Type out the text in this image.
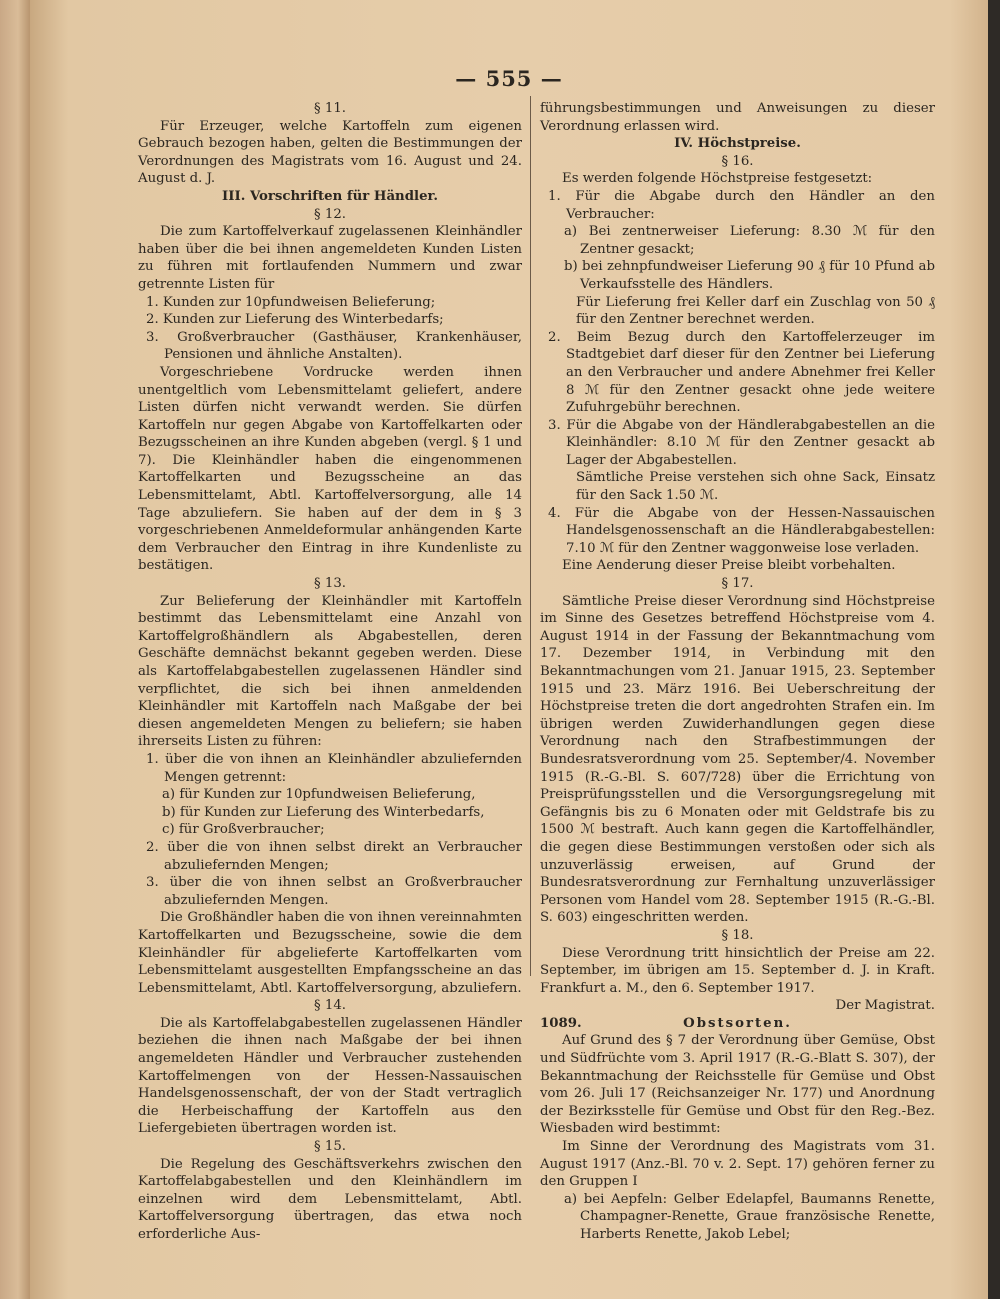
— 555 —

§ 11.

Für Erzeuger, welche Kartoffeln zum eigenen Gebrauch bezogen haben, gelten die Bestimmungen der Verordnungen des Magistrats vom 16. August und 24. August d. J.

III. Vorschriften für Händler.

§ 12.

Die zum Kartoffelverkauf zugelassenen Kleinhändler haben über die bei ihnen angemeldeten Kunden Listen zu führen mit fortlaufenden Nummern und zwar getrennte Listen für

1. Kunden zur 10pfundweisen Belieferung;

2. Kunden zur Lieferung des Winterbedarfs;

3. Großverbraucher (Gasthäuser, Krankenhäuser, Pensionen und ähnliche Anstalten).

Vorgeschriebene Vordrucke werden ihnen unentgeltlich vom Lebensmittelamt geliefert, andere Listen dürfen nicht verwandt werden. Sie dürfen Kartoffeln nur gegen Abgabe von Kartoffelkarten oder Bezugsscheinen an ihre Kunden abgeben (vergl. § 1 und 7). Die Kleinhändler haben die eingenommenen Kartoffelkarten und Bezugsscheine an das Lebensmittelamt, Abtl. Kartoffelversorgung, alle 14 Tage abzuliefern. Sie haben auf der dem in § 3 vorgeschriebenen Anmeldeformular anhängenden Karte dem Verbraucher den Eintrag in ihre Kundenliste zu bestätigen.

§ 13.

Zur Belieferung der Kleinhändler mit Kartoffeln bestimmt das Lebensmittelamt eine Anzahl von Kartoffelgroßhändlern als Abgabestellen, deren Geschäfte demnächst bekannt gegeben werden. Diese als Kartoffelabgabestellen zugelassenen Händler sind verpflichtet, die sich bei ihnen anmeldenden Kleinhändler mit Kartoffeln nach Maßgabe der bei diesen angemeldeten Mengen zu beliefern; sie haben ihrerseits Listen zu führen:

1. über die von ihnen an Kleinhändler abzuliefernden Mengen getrennt:

a) für Kunden zur 10pfundweisen Belieferung,

b) für Kunden zur Lieferung des Winterbedarfs,

c) für Großverbraucher;

2. über die von ihnen selbst direkt an Verbraucher abzuliefernden Mengen;

3. über die von ihnen selbst an Großverbraucher abzuliefernden Mengen.

Die Großhändler haben die von ihnen vereinnahmten Kartoffelkarten und Bezugsscheine, sowie die dem Kleinhändler für abgelieferte Kartoffelkarten vom Lebensmittelamt ausgestellten Empfangsscheine an das Lebensmittelamt, Abtl. Kartoffelversorgung, abzuliefern.

§ 14.

Die als Kartoffelabgabestellen zugelassenen Händler beziehen die ihnen nach Maßgabe der bei ihnen angemeldeten Händler und Verbraucher zustehenden Kartoffelmengen von der Hessen-Nassauischen Handelsgenossenschaft, der von der Stadt vertraglich die Herbeischaffung der Kartoffeln aus den Liefergebieten übertragen worden ist.

§ 15.

Die Regelung des Geschäftsverkehrs zwischen den Kartoffelabgabestellen und den Kleinhändlern im einzelnen wird dem Lebensmittelamt, Abtl. Kartoffelversorgung übertragen, das etwa noch erforderliche Aus-

führungsbestimmungen und Anweisungen zu dieser Verordnung erlassen wird.

IV. Höchstpreise.

§ 16.

Es werden folgende Höchstpreise festgesetzt:

1. Für die Abgabe durch den Händler an den Verbraucher:

a) Bei zentnerweiser Lieferung: 8.30 ℳ für den Zentner gesackt;

b) bei zehnpfundweiser Lieferung 90 ₰ für 10 Pfund ab Verkaufsstelle des Händlers.

Für Lieferung frei Keller darf ein Zuschlag von 50 ₰ für den Zentner berechnet werden.

2. Beim Bezug durch den Kartoffelerzeuger im Stadtgebiet darf dieser für den Zentner bei Lieferung an den Verbraucher und andere Abnehmer frei Keller 8 ℳ für den Zentner gesackt ohne jede weitere Zufuhrgebühr berechnen.

3. Für die Abgabe von der Händlerabgabestellen an die Kleinhändler: 8.10 ℳ für den Zentner gesackt ab Lager der Abgabestellen.

Sämtliche Preise verstehen sich ohne Sack, Einsatz für den Sack 1.50 ℳ.

4. Für die Abgabe von der Hessen-Nassauischen Handelsgenossenschaft an die Händlerabgabestellen: 7.10 ℳ für den Zentner waggonweise lose verladen.

Eine Aenderung dieser Preise bleibt vorbehalten.

§ 17.

Sämtliche Preise dieser Verordnung sind Höchstpreise im Sinne des Gesetzes betreffend Höchstpreise vom 4. August 1914 in der Fassung der Bekanntmachung vom 17. Dezember 1914, in Verbindung mit den Bekanntmachungen vom 21. Januar 1915, 23. September 1915 und 23. März 1916. Bei Ueberschreitung der Höchstpreise treten die dort angedrohten Strafen ein. Im übrigen werden Zuwiderhandlungen gegen diese Verordnung nach den Strafbestimmungen der Bundesratsverordnung vom 25. September/4. November 1915 (R.-G.-Bl. S. 607/728) über die Errichtung von Preisprüfungsstellen und die Versorgungsregelung mit Gefängnis bis zu 6 Monaten oder mit Geldstrafe bis zu 1500 ℳ bestraft. Auch kann gegen die Kartoffelhändler, die gegen diese Bestimmungen verstoßen oder sich als unzuverlässig erweisen, auf Grund der Bundesratsverordnung zur Fernhaltung unzuverlässiger Personen vom Handel vom 28. September 1915 (R.-G.-Bl. S. 603) eingeschritten werden.

§ 18.

Diese Verordnung tritt hinsichtlich der Preise am 22. September, im übrigen am 15. September d. J. in Kraft. Frankfurt a. M., den 6. September 1917.

Der Magistrat.

1089.	Obstsorten.

Auf Grund des § 7 der Verordnung über Gemüse, Obst und Südfrüchte vom 3. April 1917 (R.-G.-Blatt S. 307), der Bekanntmachung der Reichsstelle für Gemüse und Obst vom 26. Juli 17 (Reichsanzeiger Nr. 177) und Anordnung der Bezirksstelle für Gemüse und Obst für den Reg.-Bez. Wiesbaden wird bestimmt:

Im Sinne der Verordnung des Magistrats vom 31. August 1917 (Anz.-Bl. 70 v. 2. Sept. 17) gehören ferner zu den Gruppen I

a) bei Aepfeln: Gelber Edelapfel, Baumanns Renette, Champagner-Renette, Graue französische Renette, Harberts Renette, Jakob Lebel;
